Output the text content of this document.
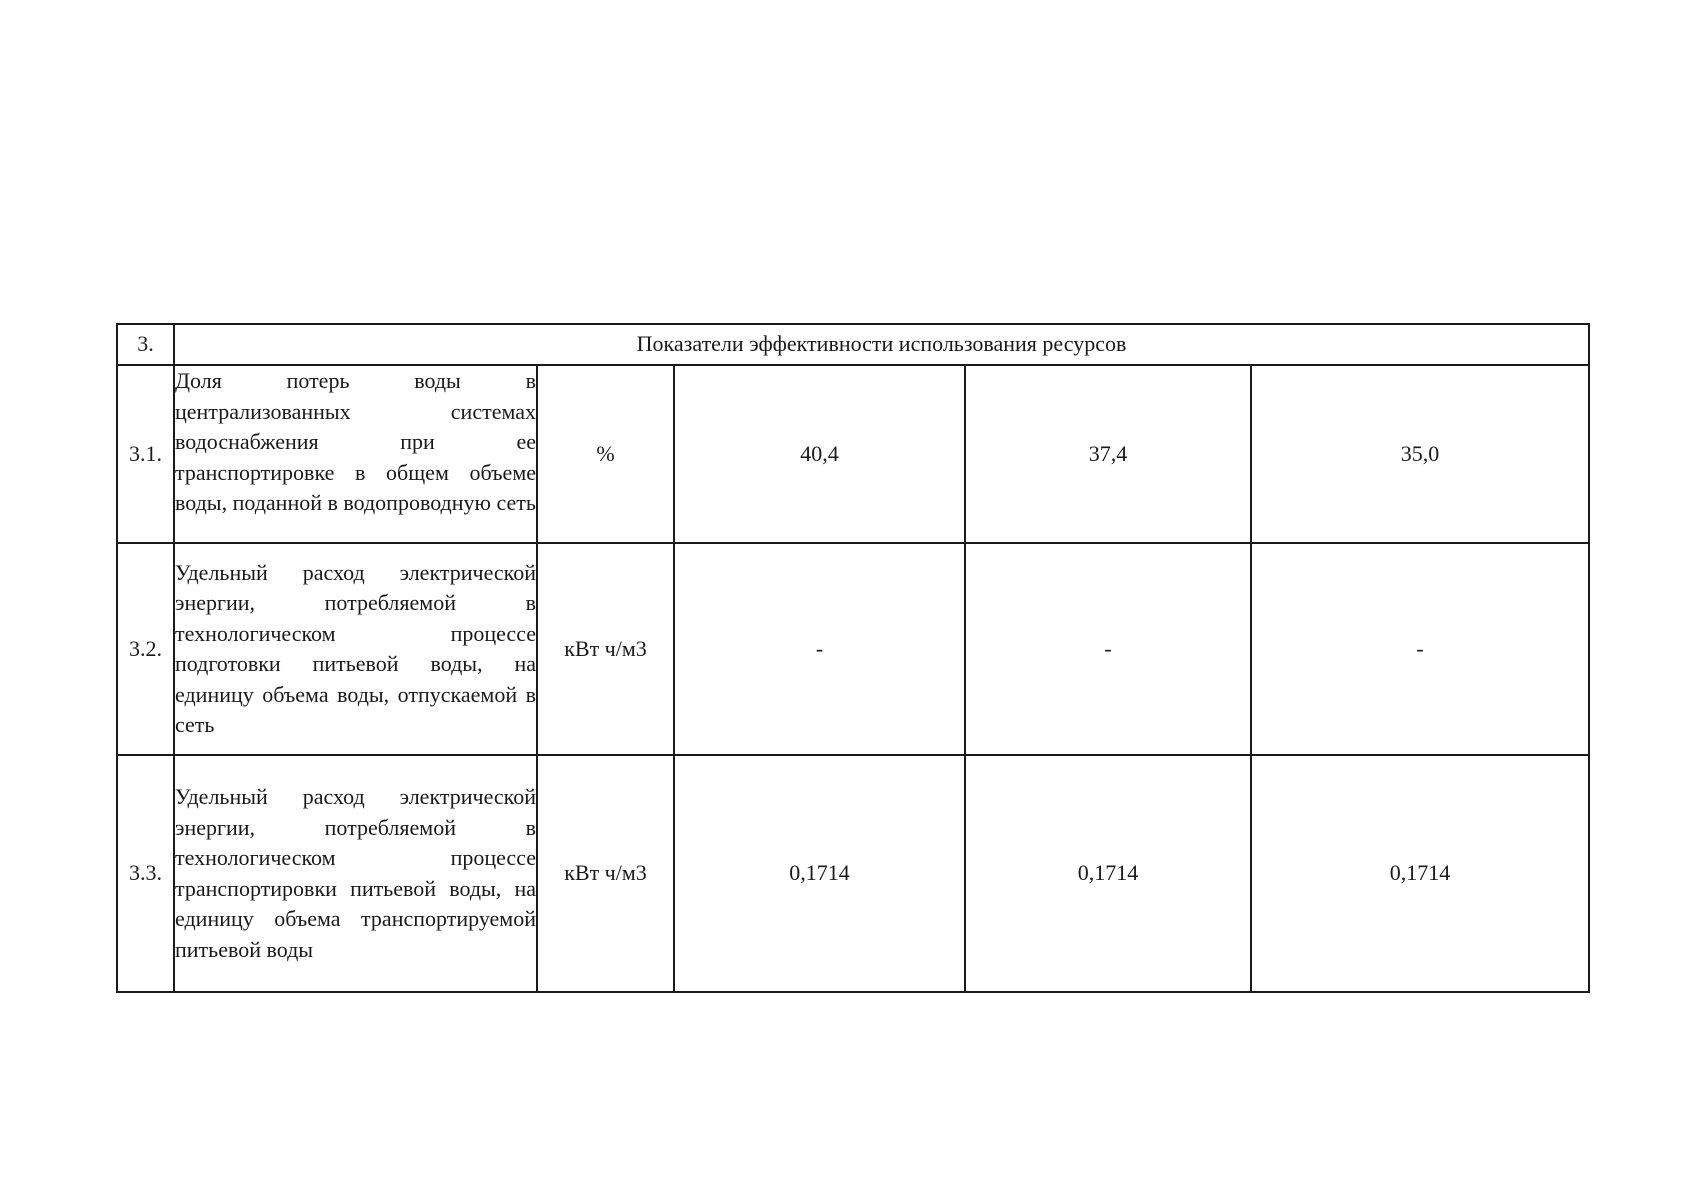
3.	Показатели эффективности использования ресурсов				
3.1.	Доля потерь воды в централизованных системах водоснабжения при ее транспортировке в общем объеме воды, поданной в водопроводную сеть	%	40,4	37,4	35,0
3.2.	Удельный расход электрической энергии, потребляемой в технологическом процессе подготовки питьевой воды, на единицу объема воды, отпускаемой в сеть	кВт ч/м3	-	-	-
3.3.	Удельный расход электрической энергии, потребляемой в технологическом процессе транспортировки питьевой воды, на единицу объема транспортируемой питьевой воды	кВт ч/м3	0,1714	0,1714	0,1714
